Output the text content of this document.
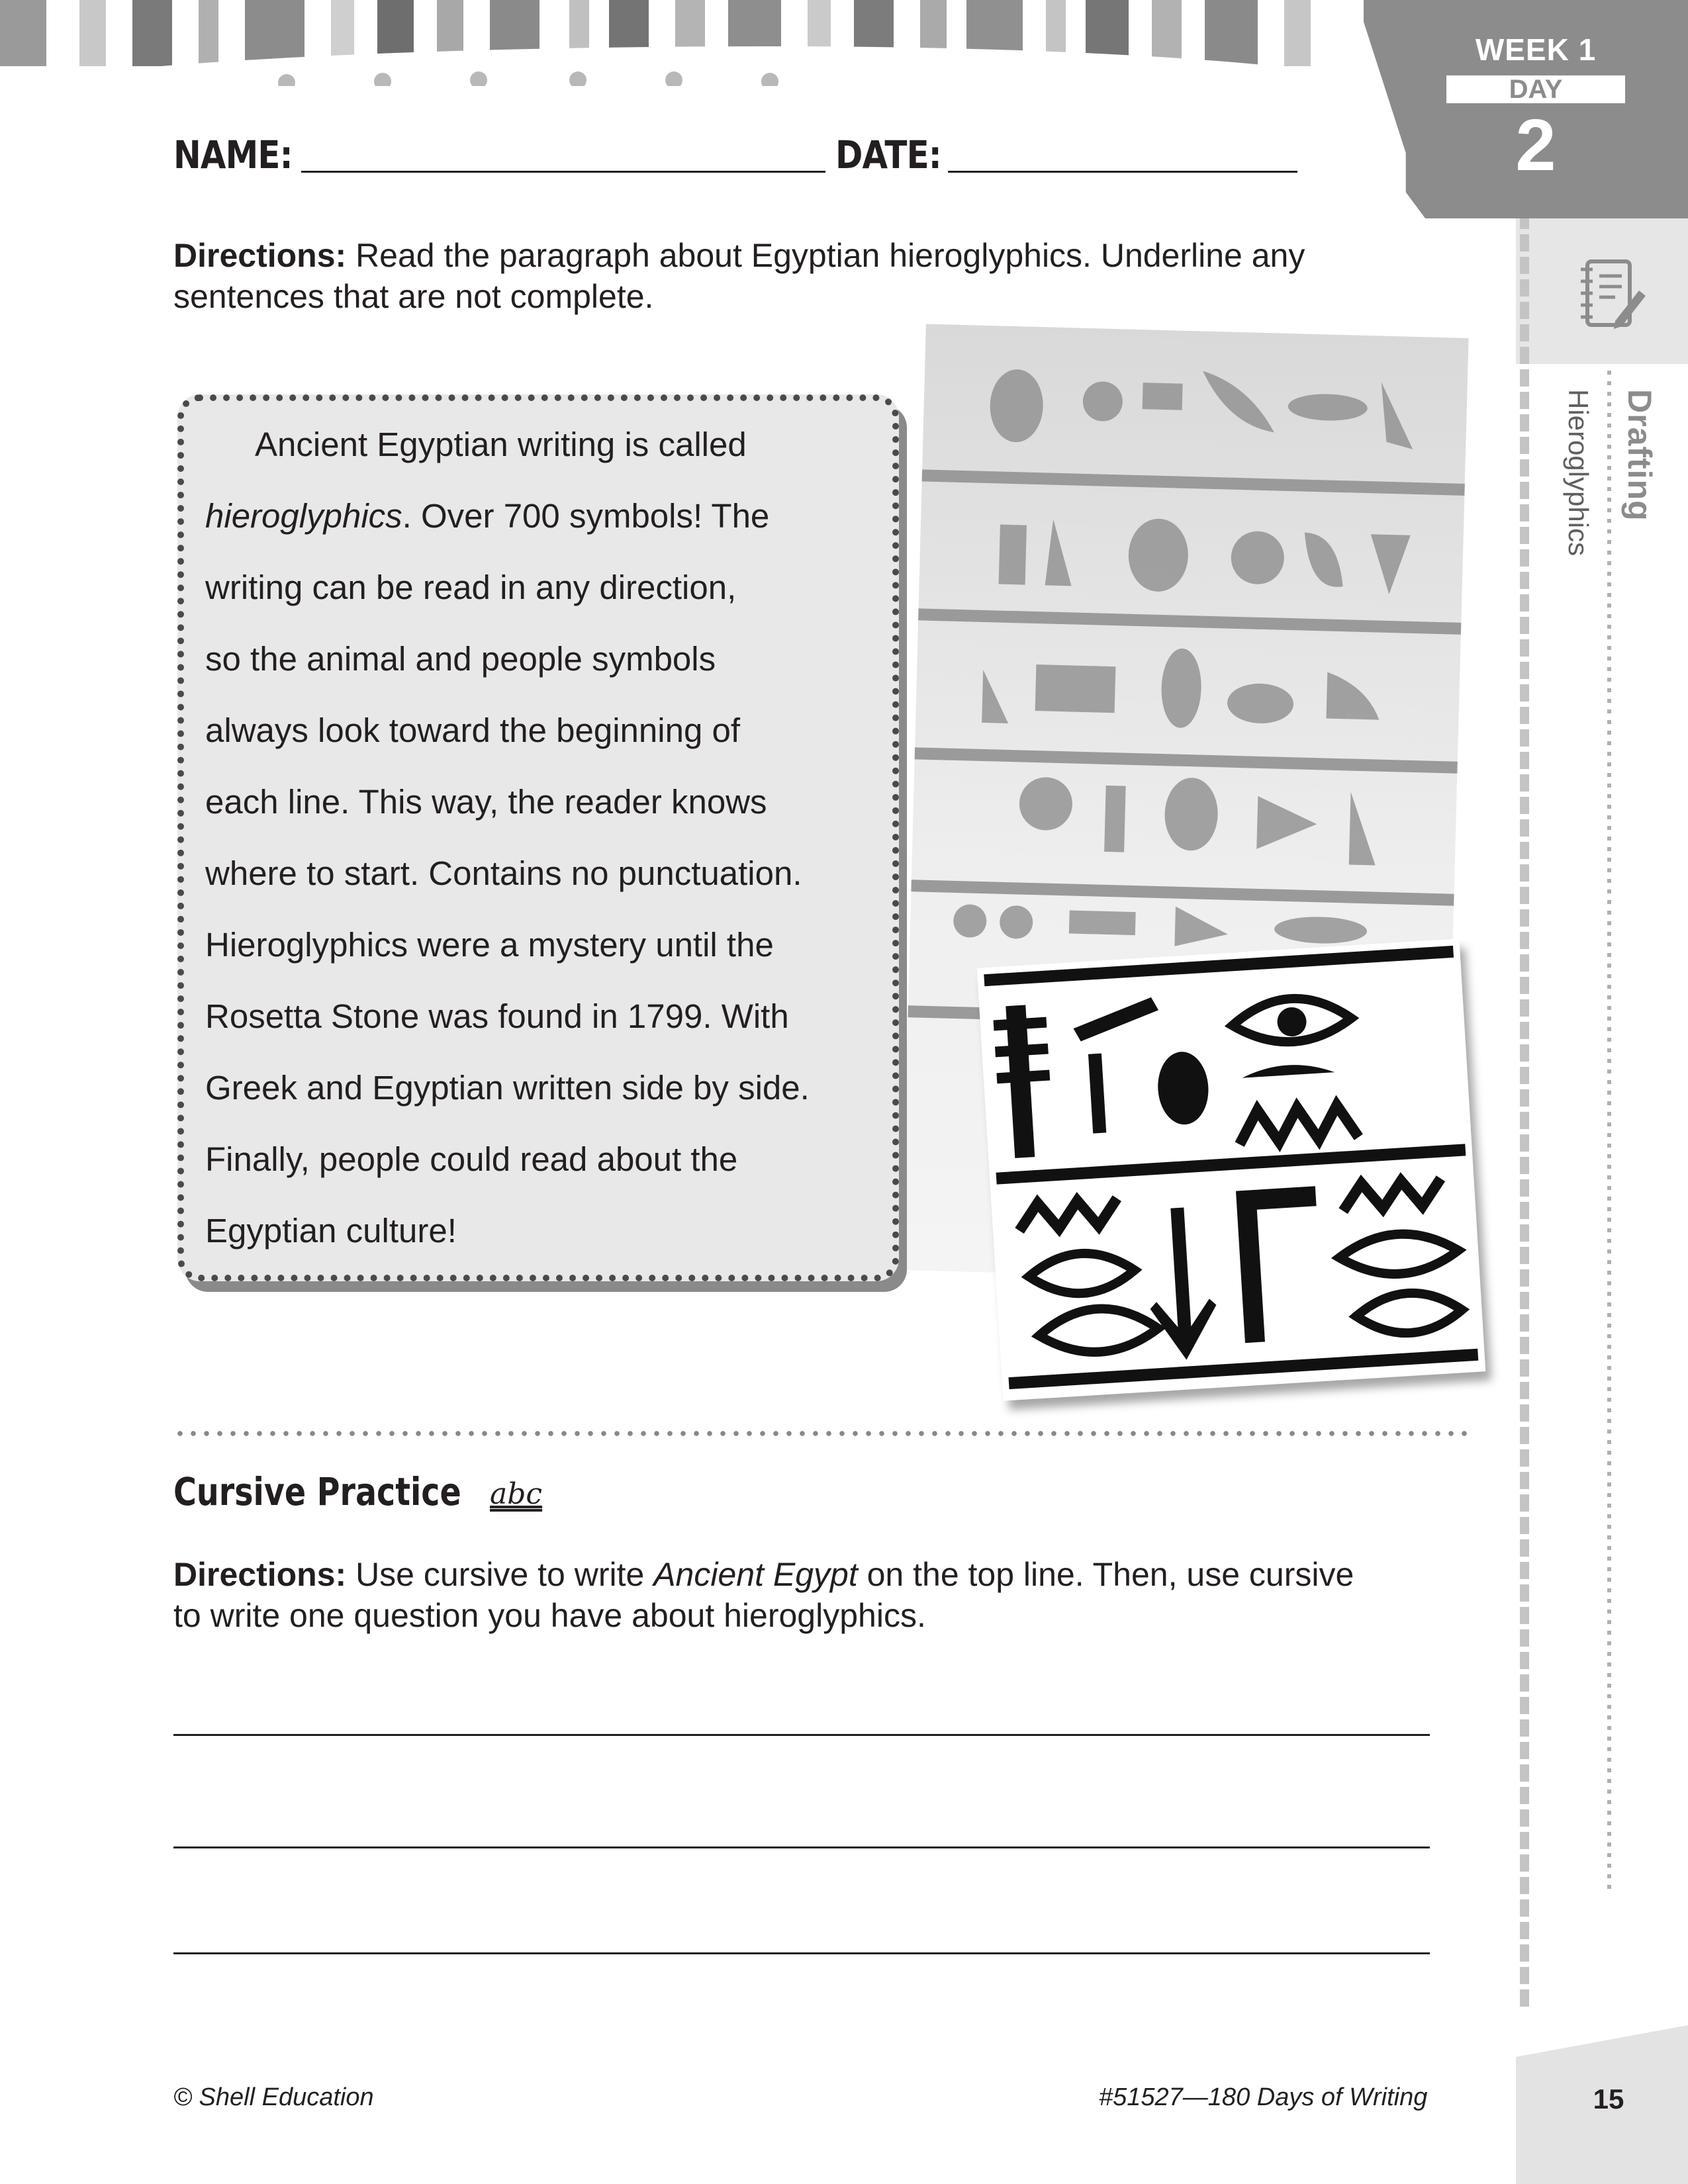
WEEK 1
DAY
2
Drafting
Hieroglyphics
NAME:	DATE:
Directions: Read the paragraph about Egyptian hieroglyphics. Underline any
sentences that are not complete.
Ancient Egyptian writing is called
hieroglyphics. Over 700 symbols! The
writing can be read in any direction,
so the animal and people symbols
always look toward the beginning of
each line. This way, the reader knows
where to start. Contains no punctuation.
Hieroglyphics were a mystery until the
Rosetta Stone was found in 1799. With
Greek and Egyptian written side by side.
Finally, people could read about the
Egyptian culture!
Cursive Practice abc
Directions: Use cursive to write Ancient Egypt on the top line. Then, use cursive
to write one question you have about hieroglyphics.
© Shell Education	#51527—180 Days of Writing	15
